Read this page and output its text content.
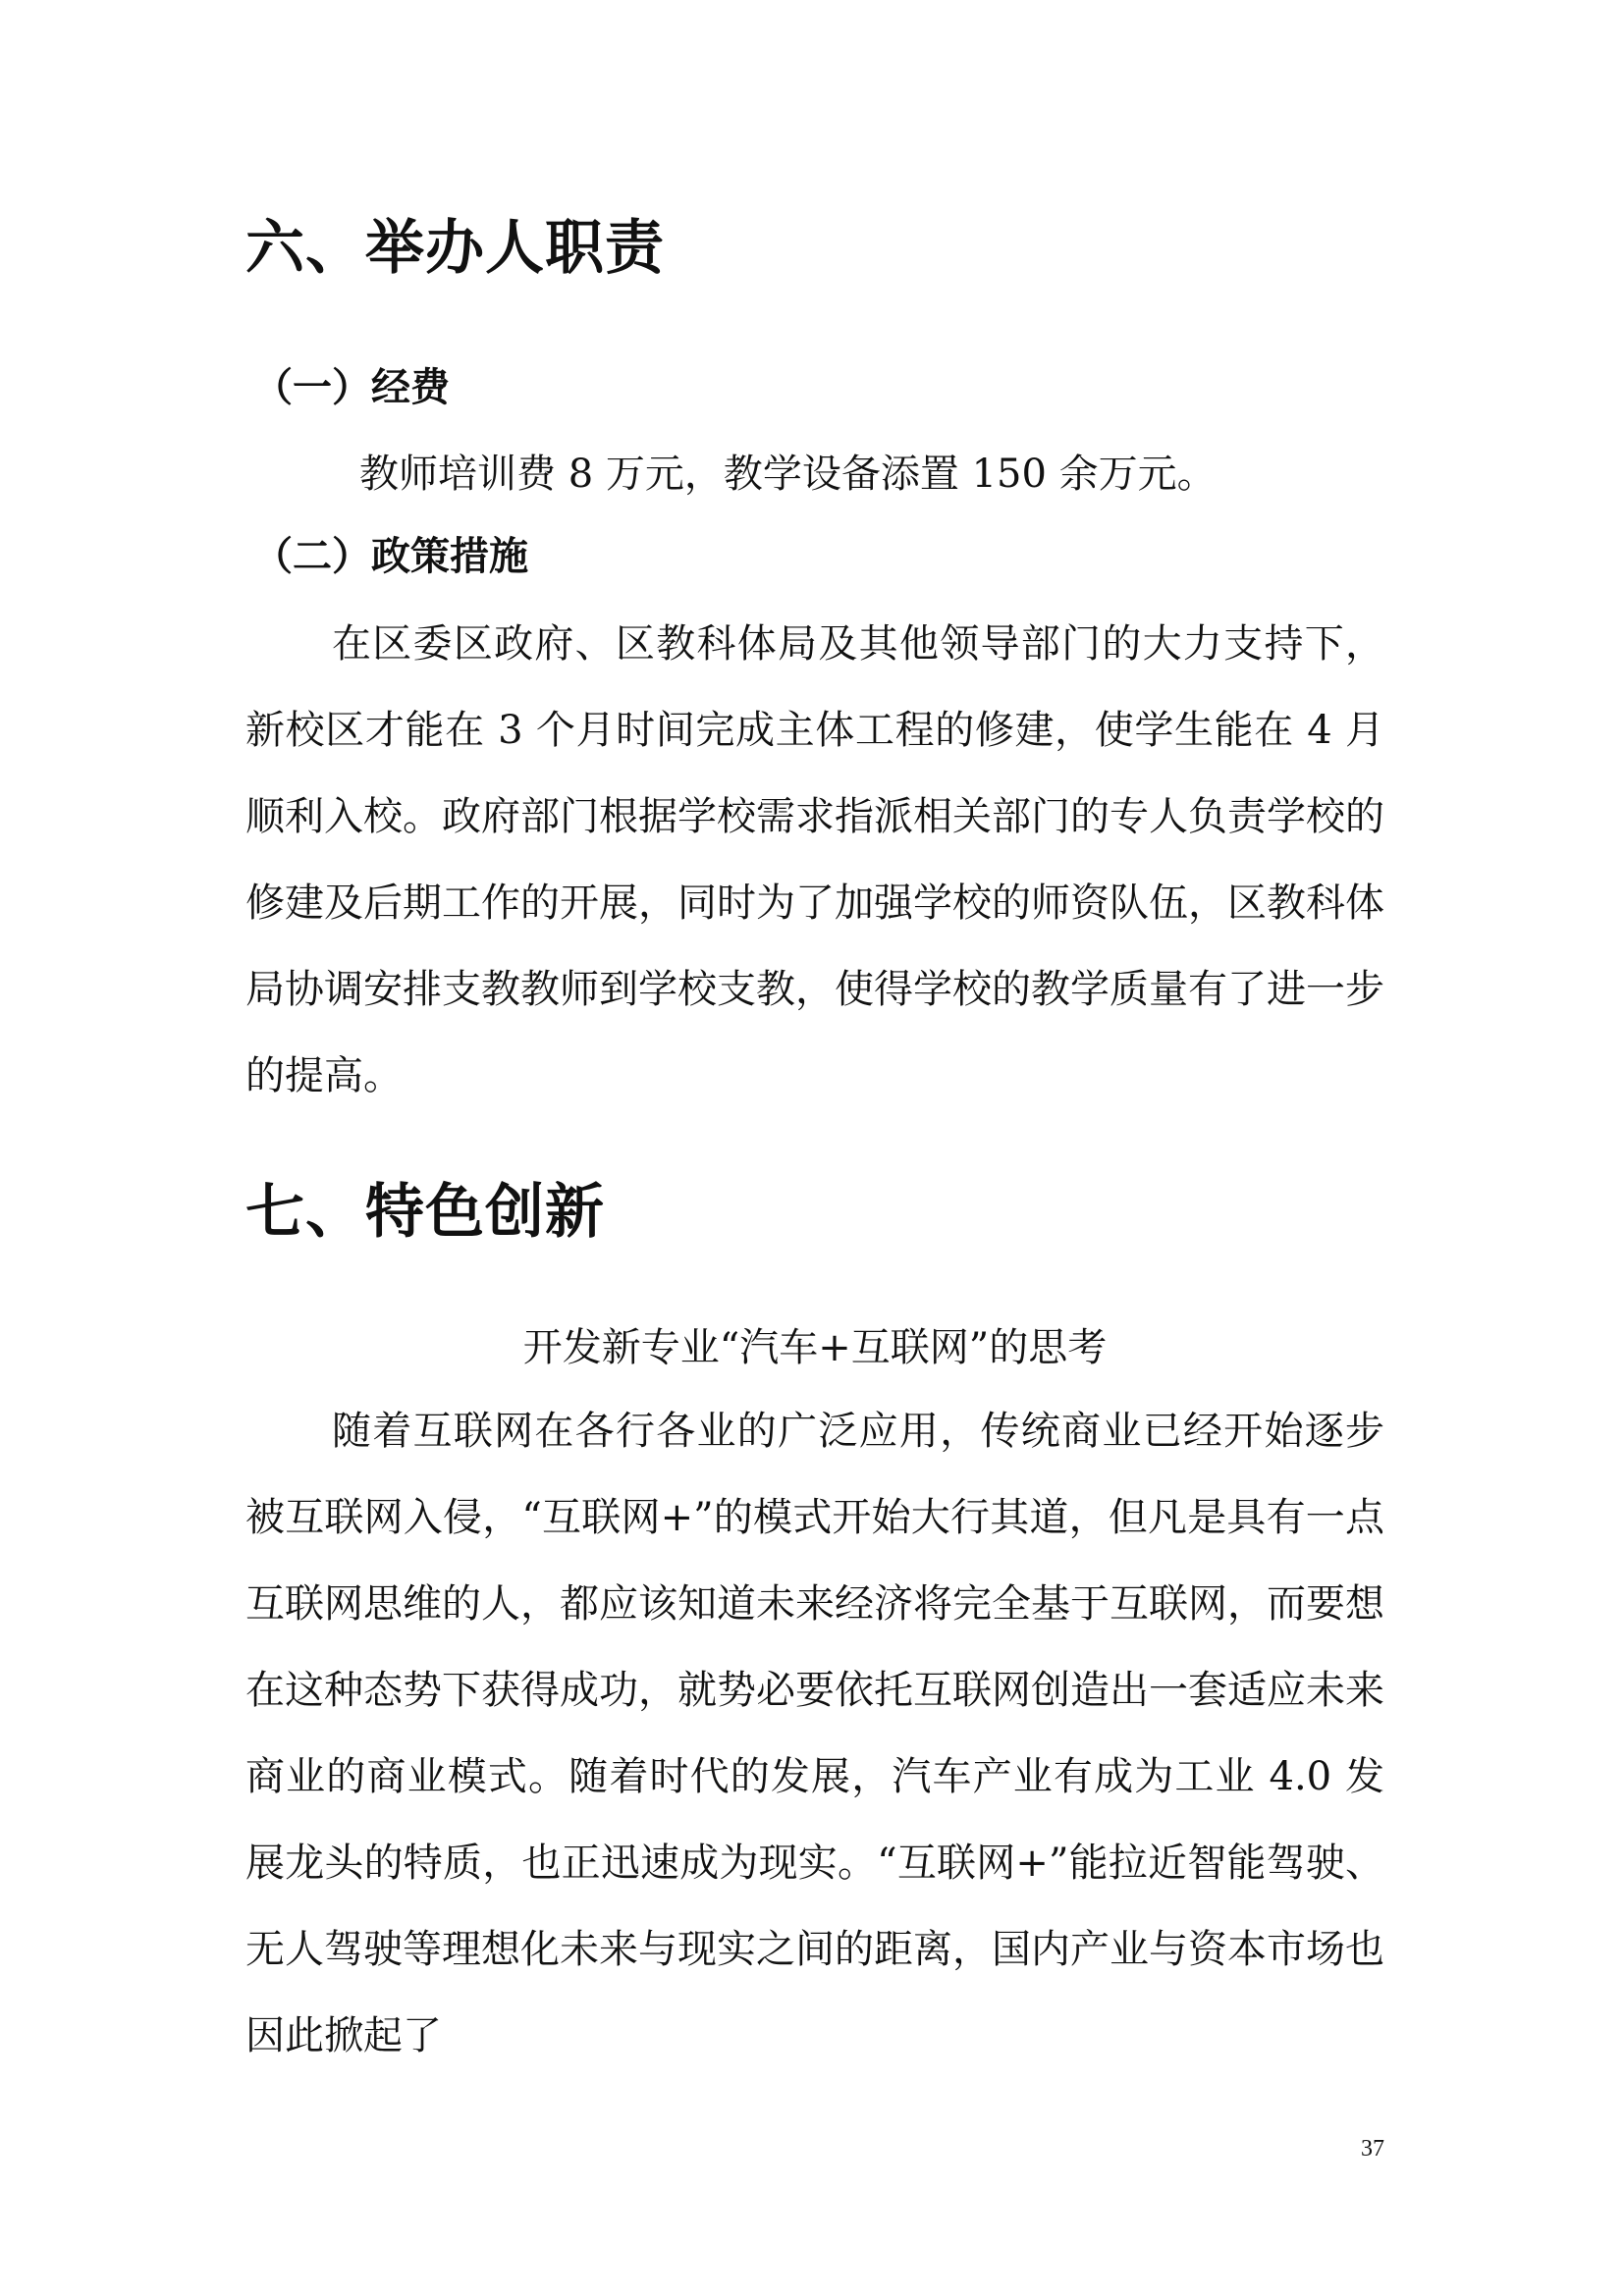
六、举办人职责
（一）经费

教师培训费 8 万元，教学设备添置 150 余万元。

（二）政策措施

在区委区政府、区教科体局及其他领导部门的大力支持下，新校区才能在 3 个月时间完成主体工程的修建，使学生能在 4 月顺利入校。政府部门根据学校需求指派相关部门的专人负责学校的修建及后期工作的开展，同时为了加强学校的师资队伍，区教科体局协调安排支教教师到学校支教，使得学校的教学质量有了进一步的提高。

七、特色创新

开发新专业“汽车+互联网”的思考

随着互联网在各行各业的广泛应用，传统商业已经开始逐步被互联网入侵，“互联网+”的模式开始大行其道，但凡是具有一点互联网思维的人，都应该知道未来经济将完全基于互联网，而要想在这种态势下获得成功，就势必要依托互联网创造出一套适应未来商业的商业模式。随着时代的发展，汽车产业有成为工业 4.0 发展龙头的特质，也正迅速成为现实。“互联网+”能拉近智能驾驶、无人驾驶等理想化未来与现实之间的距离，国内产业与资本市场也因此掀起了

37
